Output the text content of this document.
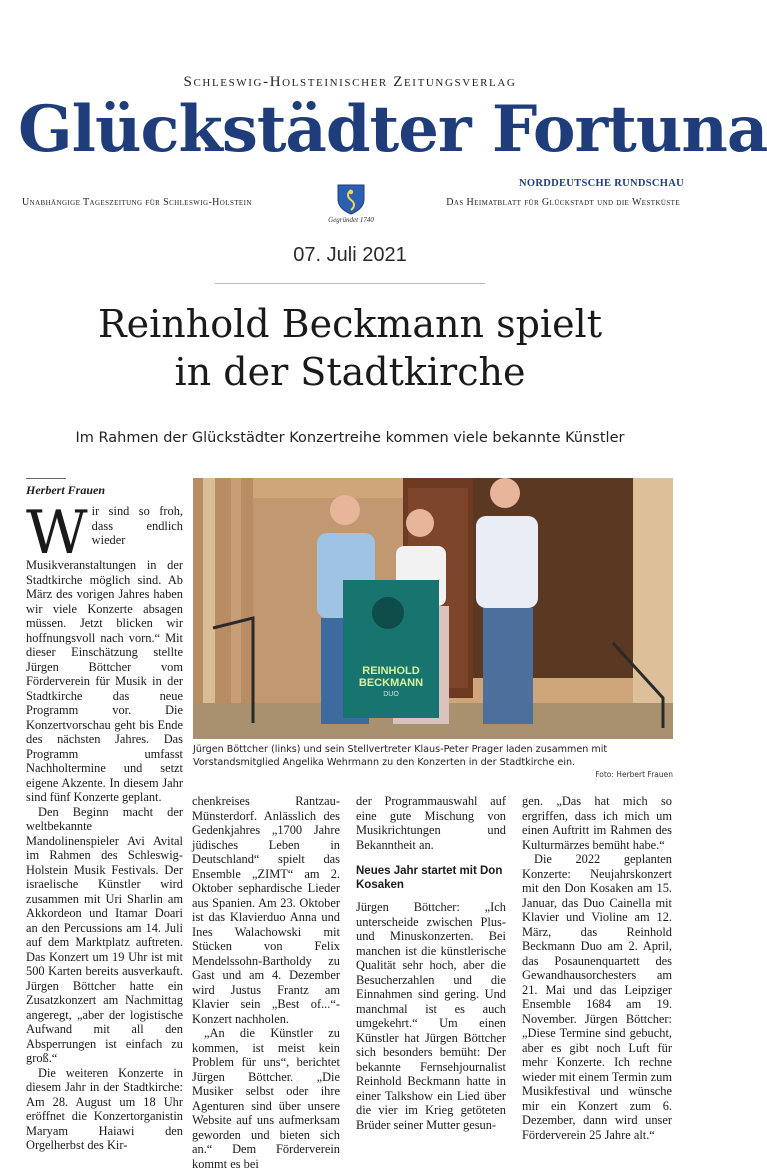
Schleswig-Holsteinischer Zeitungsverlag
Glückstädter Fortuna
NORDDEUTSCHE RUNDSCHAU
Unabhängige Tageszeitung für Schleswig-Holstein
Gegründet 1740
Das Heimatblatt für Glückstadt und die Westküste
07. Juli 2021
Reinhold Beckmann spielt
in der Stadtkirche
Im Rahmen der Glückstädter Konzertreihe kommen viele bekannte Künstler
Herbert Frauen
REINHOLD
BECKMANN
DUO
Jürgen Böttcher (links) und sein Stellvertreter Klaus-Peter Prager laden zusammen mit Vorstandsmitglied Angelika Wehrmann zu den Konzerten in der Stadtkirche ein.
Foto: Herbert Frauen

Wir sind so froh, dass endlich wieder Musikveranstaltungen in der Stadtkirche möglich sind. Ab März des vorigen Jahres haben wir viele Konzerte absagen müssen. Jetzt blicken wir hoffnungsvoll nach vorn.“ Mit dieser Einschätzung stellte Jürgen Böttcher vom Förderverein für Musik in der Stadtkirche das neue Programm vor. Die Konzertvorschau geht bis Ende des nächsten Jahres. Das Programm umfasst Nachholtermine und setzt eigene Akzente. In diesem Jahr sind fünf Konzerte geplant.

Den Beginn macht der weltbekannte Mandolinenspieler Avi Avital im Rahmen des Schleswig-Holstein Musik Festivals. Der israelische Künstler wird zusammen mit Uri Sharlin am Akkordeon und Itamar Doari an den Percussions am 14. Juli auf dem Marktplatz auftreten. Das Konzert um 19 Uhr ist mit 500 Karten bereits ausverkauft. Jürgen Böttcher hatte ein Zusatzkonzert am Nachmittag angeregt, „aber der logistische Aufwand mit all den Absperrungen ist einfach zu groß.“

Die weiteren Konzerte in diesem Jahr in der Stadtkirche: Am 28. August um 18 Uhr eröffnet die Konzertorganistin Maryam Haiawi den Orgelherbst des Kir-

chenkreises Rantzau-Münsterdorf. Anlässlich des Gedenkjahres „1700 Jahre jüdisches Leben in Deutschland“ spielt das Ensemble „ZIMT“ am 2. Oktober sephardische Lieder aus Spanien. Am 23. Oktober ist das Klavierduo Anna und Ines Walachowski mit Stücken von Felix Mendelssohn-Bartholdy zu Gast und am 4. Dezember wird Justus Frantz am Klavier sein „Best of...“-Konzert nachholen.

„An die Künstler zu kommen, ist meist kein Problem für uns“, berichtet Jürgen Böttcher. „Die Musiker selbst oder ihre Agenturen sind über unsere Website auf uns aufmerksam geworden und bieten sich an.“ Dem Förderverein kommt es bei

der Programmauswahl auf eine gute Mischung von Musikrichtungen und Bekanntheit an.

Neues Jahr startet mit Don Kosaken

Jürgen Böttcher: „Ich unterscheide zwischen Plus- und Minuskonzerten. Bei manchen ist die künstlerische Qualität sehr hoch, aber die Besucherzahlen und die Einnahmen sind gering. Und manchmal ist es auch umgekehrt.“ Um einen Künstler hat Jürgen Böttcher sich besonders bemüht: Der bekannte Fernsehjournalist Reinhold Beckmann hatte in einer Talkshow ein Lied über die vier im Krieg getöteten Brüder seiner Mutter gesun-

gen. „Das hat mich so ergriffen, dass ich mich um einen Auftritt im Rahmen des Kulturmärzes bemüht habe.“

Die 2022 geplanten Konzerte: Neujahrskonzert mit den Don Kosaken am 15. Januar, das Duo Cainella mit Klavier und Violine am 12. März, das Reinhold Beckmann Duo am 2. April, das Posaunenquartett des Gewandhausorchesters am 21. Mai und das Leipziger Ensemble 1684 am 19. November. Jürgen Böttcher: „Diese Termine sind gebucht, aber es gibt noch Luft für mehr Konzerte. Ich rechne wieder mit einem Termin zum Musikfestival und wünsche mir ein Konzert zum 6. Dezember, dann wird unser Förderverein 25 Jahre alt.“
